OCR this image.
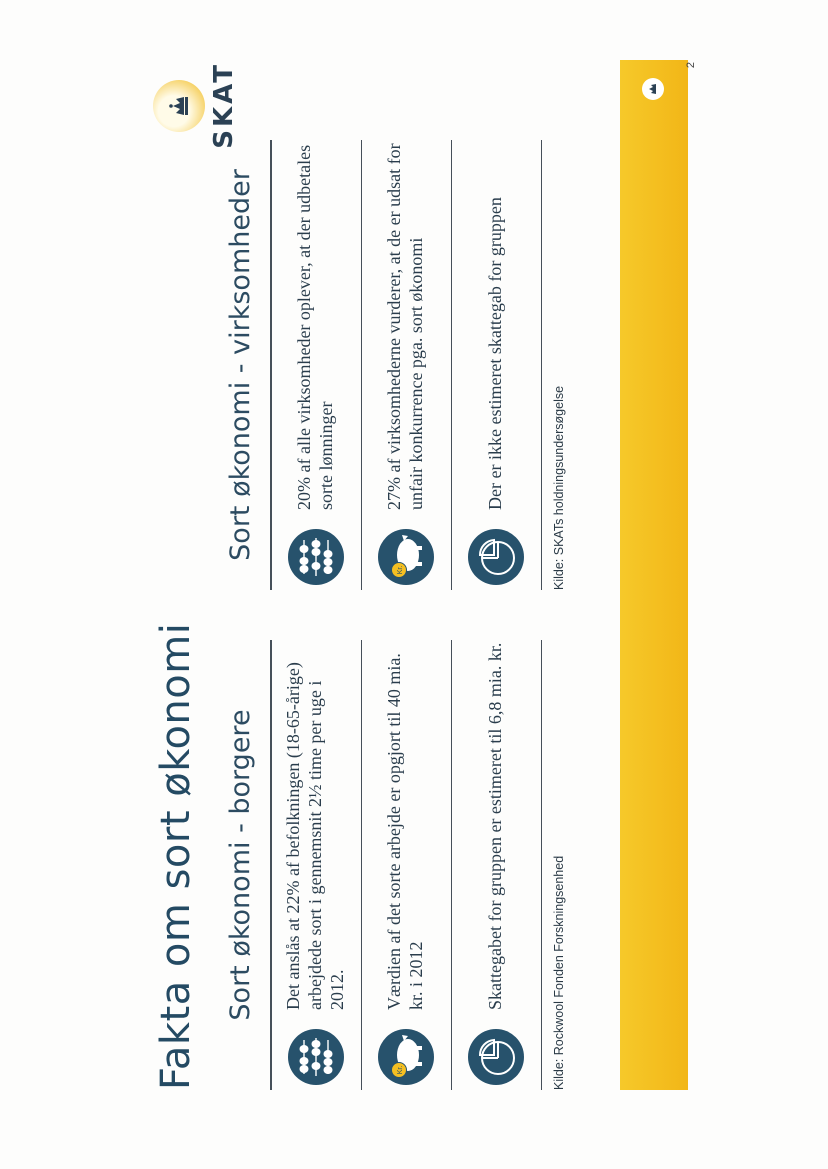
Fakta om sort økonomi
SKAT
Sort økonomi - borgere Det anslås at 22% af befolkningen (18-65-årige) arbejdede sort i gennemsnit 2½ time per uge i 2012.
Kr.
Værdien af det sorte arbejde er opgjort til 40 mia. kr. i 2012	Skattegabet for gruppen er estimeret til 6,8 mia. kr.	Kilde: Rockwool Fonden Forskningsenhed
Sort økonomi - virksomheder 20% af alle virksomheder oplever, at der udbetales sorte lønninger
Kr.
27% af virksomhederne vurderer, at de er udsat for unfair konkurrence pga. sort økonomi	Der er ikke estimeret skattegab for gruppen	Kilde: SKATs holdningsundersøgelse
2
